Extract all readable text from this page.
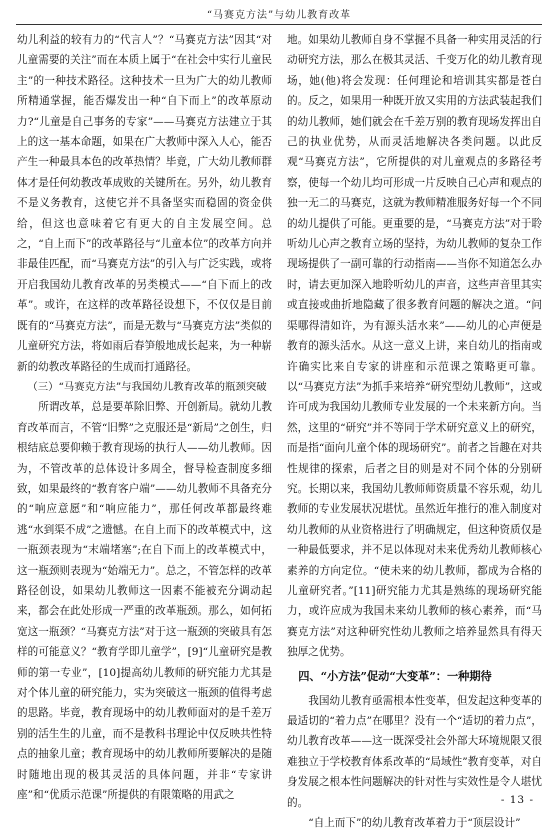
“马赛克方法”与幼儿教育改革

幼儿利益的较有力的“代言人”？“马赛克方法”因其“对儿童需要的关注”而在本质上属于“在社会中实行儿童民主”的一种技术路径。这种技术一旦为广大的幼儿教师所精通掌握，能否爆发出一种“自下而上”的改革原动力?“儿童是自己事务的专家”——马赛克方法建立于其上的这一基本命题，如果在广大教师中深入人心，能否产生一种最具本色的改革热情？毕竟，广大幼儿教师群体才是任何幼教改革成败的关键所在。另外，幼儿教育不是义务教育，这使它并不具备坚实而稳固的资金供给，但这也意味着它有更大的自主发展空间。总之，“自上而下”的改革路径与“儿童本位”的改革方向并非最佳匹配，而“马赛克方法”的引入与广泛实践，或将开启我国幼儿教育改革的另类模式——“自下而上的改革”。或许，在这样的改革路径设想下，不仅仅是目前既有的“马赛克方法”，而是无数与“马赛克方法”类似的儿童研究方法，将如雨后春笋般地成长起来，为一种崭新的幼教改革路径的生成而打通路径。

（三）“马赛克方法”与我国幼儿教育改革的瓶颈突破

所谓改革，总是要革除旧弊、开创新局。就幼儿教育改革而言，不管“旧弊”之克服还是“新局”之创生，归根结底总要仰赖于教育现场的执行人——幼儿教师。因为，不管改革的总体设计多周全，督导检查制度多细致，如果最终的“教育客户端”——幼儿教师不具备充分的“响应意愿”和“响应能力”，那任何改革都最终难逃“水到渠不成”之遗憾。在自上而下的改革模式中，这一瓶颈表现为“末端堵塞”;在自下而上的改革模式中，这一瓶颈则表现为“始端无力”。总之，不管怎样的改革路径创设，如果幼儿教师这一因素不能被充分调动起来，都会在此处形成一严重的改革瓶颈。那么，如何拓宽这一瓶颈？“马赛克方法”对于这一瓶颈的突破具有怎样的可能意义？“教育学即儿童学”，[9]“儿童研究是教师的第一专业”，[10]提高幼儿教师的研究能力尤其是对个体儿童的研究能力，实为突破这一瓶颈的值得考虑的思路。毕竟，教育现场中的幼儿教师面对的是千差万别的活生生的儿童，而不是教科书理论中仅反映共性特点的抽象儿童；教育现场中的幼儿教师所要解决的是随时随地出现的极其灵活的具体问题，并非“专家讲座”和“优质示范课”所提供的有限策略的用武之

地。如果幼儿教师自身不掌握不具备一种实用灵活的行动研究方法，那么在极其灵活、千变万化的幼儿教育现场，她(他)将会发现：任何理论和培训其实都是苍白的。反之，如果用一种既开放又实用的方法武装起我们的幼儿教师，她们就会在千差万别的教育现场发挥出自己的执业优势，从而灵活地解决各类问题。以此反观“马赛克方法”，它所提供的对儿童观点的多路径考察，使每一个幼儿均可形成一片反映自己心声和观点的独一无二的马赛克，这就为教师精准服务好每一个不同的幼儿提供了可能。更重要的是，“马赛克方法”对于聆听幼儿心声之教育立场的坚持，为幼儿教师的复杂工作现场提供了一副可靠的行动指南——当你不知道怎么办时，请去更加深入地聆听幼儿的声音，这些声音里其实或直接或曲折地隐藏了很多教育问题的解决之道。“问渠哪得清如许，为有源头活水来”——幼儿的心声便是教育的源头活水。从这一意义上讲，来自幼儿的指南或许确实比来自专家的讲座和示范课之策略更可靠。以“马赛克方法”为抓手来培养“研究型幼儿教师”，这或许可成为我国幼儿教师专业发展的一个未来新方向。当然，这里的“研究”并不等同于学术研究意义上的研究，而是指“面向儿童个体的现场研究”。前者之旨趣在对共性规律的探索，后者之目的则是对不同个体的分别研究。长期以来，我国幼儿教师师资质量不容乐观，幼儿教师的专业发展状况堪忧。虽然近年推行的准入制度对幼儿教师的从业资格进行了明确规定，但这种资质仅是一种最低要求，并不足以体现对未来优秀幼儿教师核心素养的方向定位。“使未来的幼儿教师，都成为合格的儿童研究者。”[11]研究能力尤其是熟练的现场研究能力，或许应成为我国未来幼儿教师的核心素养，而“马赛克方法”对这种研究性幼儿教师之培养显然具有得天独厚之优势。

四、“小方法”促动“大变革”：一种期待

我国幼儿教育亟需根本性变革，但发起这种变革的最适切的“着力点”在哪里？没有一个“适切的着力点”，幼儿教育改革——这一既深受社会外部大环境规限又很难独立于学校教育体系改革的“局域性”教育变革，对自身发展之根本性问题解决的针对性与实效性是令人堪忧的。

“自上而下”的幼儿教育改革着力于“顶层设计”

- 13 -
